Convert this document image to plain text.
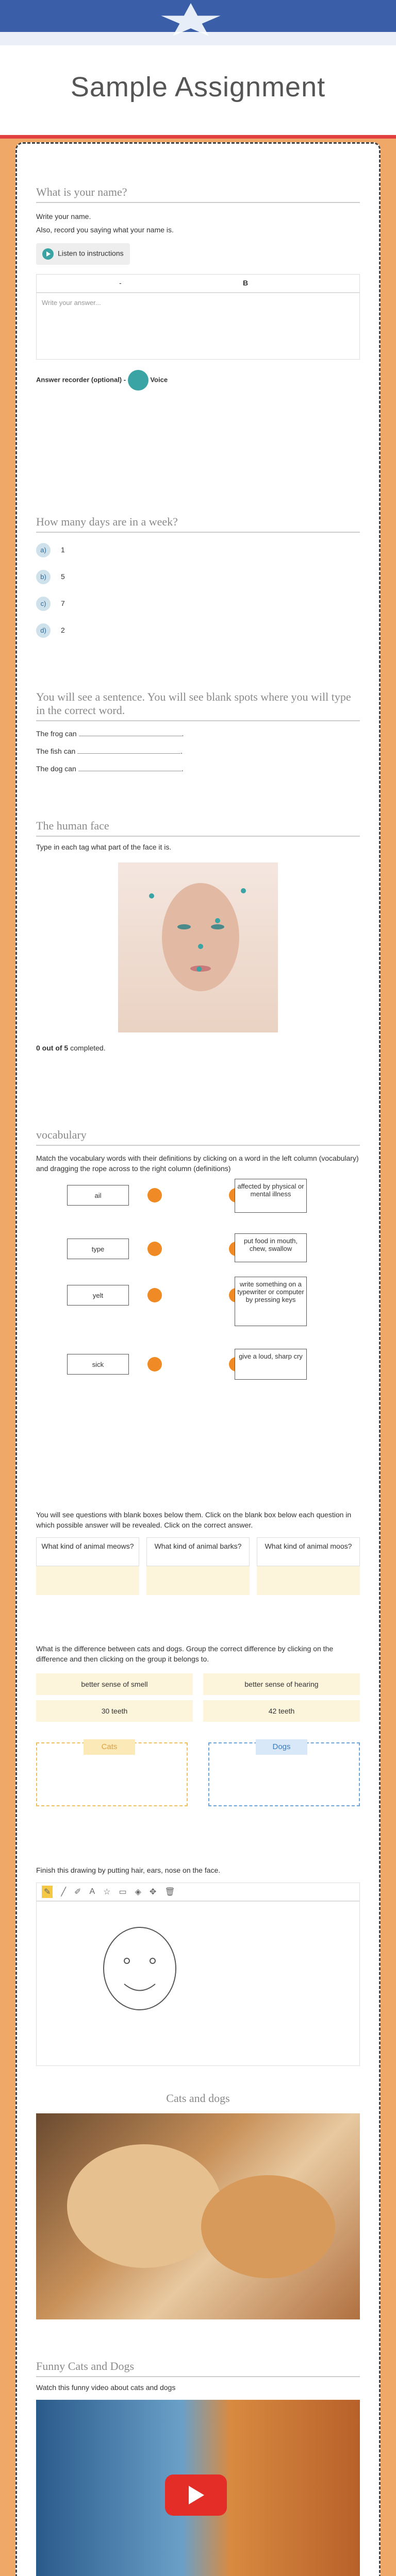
Sample Assignment
What is your name?
Write your name.
Also, record you saying what your name is.
Listen to instructions
-	B
Write your answer...
Answer recorder (optional) -	Voice
How many days are in a week?
a) 1
b) 5
c) 7
d) 2
You will see a sentence. You will see blank spots where you will type in the correct word.
The frog can	.
The fish can	.
The dog can	.
The human face
Type in each tag what part of the face it is.
0 out of 5 completed.
vocabulary
Match the vocabulary words with their definitions by clicking on a word in the left column (vocabulary) and dragging the rope across to the right column (definitions)
ail
affected by physical or mental illness
type
put food in mouth, chew, swallow
yelt
write something on a typewriter or computer by pressing keys
sick
give a loud, sharp cry
You will see questions with blank boxes below them. Click on the blank box below each question in which possible answer will be revealed. Click on the correct answer.
What kind of animal meows?	What kind of animal barks?	What kind of animal moos?
What is the difference between cats and dogs. Group the correct difference by clicking on the difference and then clicking on the group it belongs to.
better sense of smell	better sense of hearing
30 teeth	42 teeth
Cats	Dogs
Finish this drawing by putting hair, ears, nose on the face.
✎ ╱ ✐ A ☆ ▭ ◈ ✥ 🗑
Cats and dogs
Funny Cats and Dogs
Watch this funny video about cats and dogs
